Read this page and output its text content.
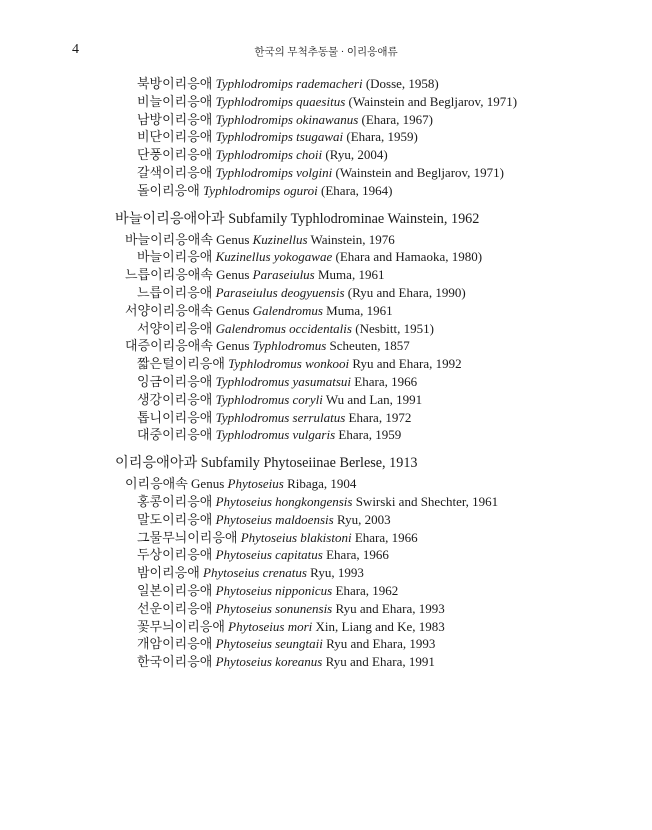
4	한국의 무척추동물 · 이리응애류
북방이리응애 Typhlodromips rademacheri (Dosse, 1958)
비늘이리응애 Typhlodromips quaesitus (Wainstein and Begljarov, 1971)
남방이리응애 Typhlodromips okinawanus (Ehara, 1967)
비단이리응애 Typhlodromips tsugawai (Ehara, 1959)
단풍이리응애 Typhlodromips choii (Ryu, 2004)
갈색이리응애 Typhlodromips volgini (Wainstein and Begljarov, 1971)
돌이리응애 Typhlodromips oguroi (Ehara, 1964)
바늘이리응애아과 Subfamily Typhlodrominae Wainstein, 1962
바늘이리응애속 Genus Kuzinellus Wainstein, 1976
바늘이리응애 Kuzinellus yokogawae (Ehara and Hamaoka, 1980)
느릅이리응애속 Genus Paraseiulus Muma, 1961
느릅이리응애 Paraseiulus deogyuensis (Ryu and Ehara, 1990)
서양이리응애속 Genus Galendromus Muma, 1961
서양이리응애 Galendromus occidentalis (Nesbitt, 1951)
대증이리응애속 Genus Typhlodromus Scheuten, 1857
짧은털이리응애 Typhlodromus wonkooi Ryu and Ehara, 1992
잉금이리응애 Typhlodromus yasumatsui Ehara, 1966
생강이리응애 Typhlodromus coryli Wu and Lan, 1991
톱니이리응애 Typhlodromus serrulatus Ehara, 1972
대중이리응애 Typhlodromus vulgaris Ehara, 1959
이리응애아과 Subfamily Phytoseiinae Berlese, 1913
이리응애속 Genus Phytoseius Ribaga, 1904
홍콩이리응애 Phytoseius hongkongensis Swirski and Shechter, 1961
말도이리응애 Phytoseius maldoensis Ryu, 2003
그물무늬이리응애 Phytoseius blakistoni Ehara, 1966
두상이리응애 Phytoseius capitatus Ehara, 1966
밤이리응애 Phytoseius crenatus Ryu, 1993
일본이리응애 Phytoseius nipponicus Ehara, 1962
선운이리응애 Phytoseius sonunensis Ryu and Ehara, 1993
꽃무늬이리응애 Phytoseius mori Xin, Liang and Ke, 1983
개암이리응애 Phytoseius seungtaii Ryu and Ehara, 1993
한국이리응애 Phytoseius koreanus Ryu and Ehara, 1991
